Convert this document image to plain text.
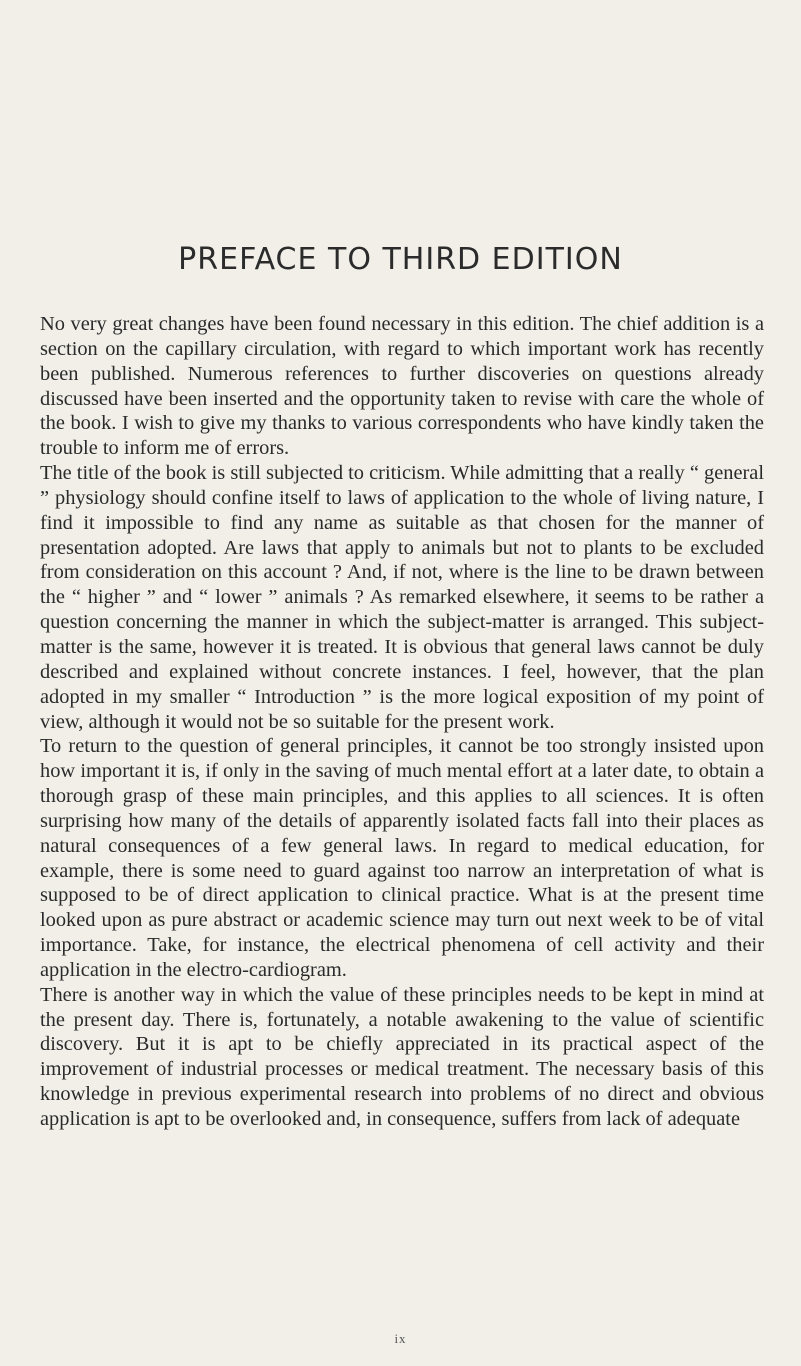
PREFACE TO THIRD EDITION

No very great changes have been found necessary in this edition. The chief addition is a section on the capillary circulation, with regard to which important work has recently been published. Numerous references to further discoveries on questions already discussed have been inserted and the opportunity taken to revise with care the whole of the book. I wish to give my thanks to various correspondents who have kindly taken the trouble to inform me of errors.

The title of the book is still subjected to criticism. While admitting that a really “ general ” physiology should confine itself to laws of application to the whole of living nature, I find it impossible to find any name as suitable as that chosen for the manner of presentation adopted. Are laws that apply to animals but not to plants to be excluded from consideration on this account ? And, if not, where is the line to be drawn between the “ higher ” and “ lower ” animals ? As remarked elsewhere, it seems to be rather a question concerning the manner in which the subject-matter is arranged. This subject-matter is the same, however it is treated. It is obvious that general laws cannot be duly described and explained without concrete instances. I feel, however, that the plan adopted in my smaller “ Introduction ” is the more logical exposition of my point of view, although it would not be so suitable for the present work.

To return to the question of general principles, it cannot be too strongly insisted upon how important it is, if only in the saving of much mental effort at a later date, to obtain a thorough grasp of these main principles, and this applies to all sciences. It is often surprising how many of the details of apparently isolated facts fall into their places as natural consequences of a few general laws. In regard to medical education, for example, there is some need to guard against too narrow an interpretation of what is supposed to be of direct application to clinical practice. What is at the present time looked upon as pure abstract or academic science may turn out next week to be of vital importance. Take, for instance, the electrical phenomena of cell activity and their application in the electro-cardiogram.

There is another way in which the value of these principles needs to be kept in mind at the present day. There is, fortunately, a notable awakening to the value of scientific discovery. But it is apt to be chiefly appreciated in its practical aspect of the improvement of industrial processes or medical treatment. The necessary basis of this knowledge in previous experimental research into problems of no direct and obvious application is apt to be overlooked and, in consequence, suffers from lack of adequate

ix
